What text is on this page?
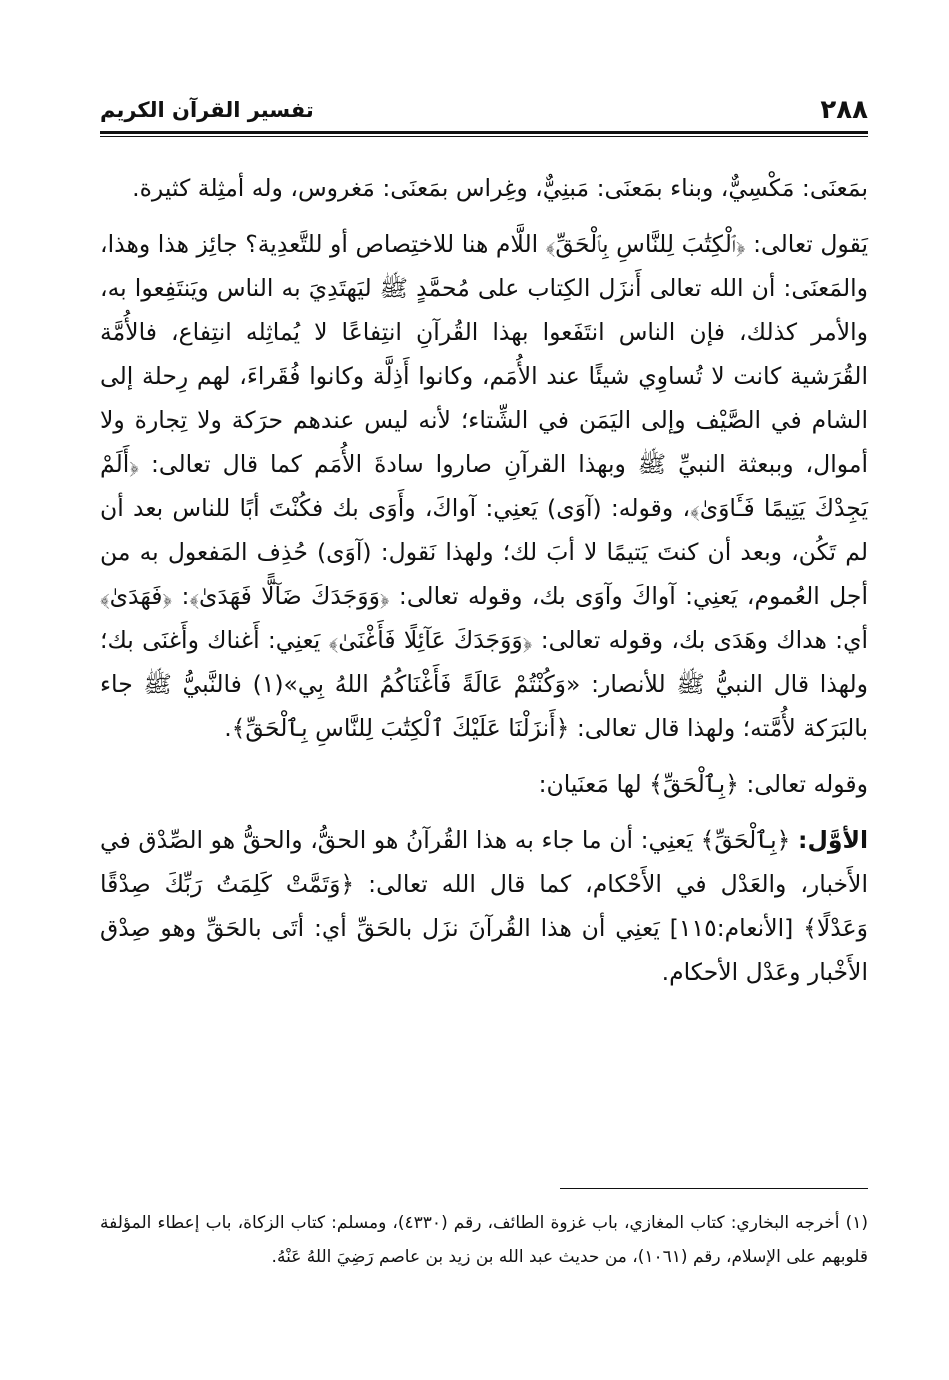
٢٨٨
تفسير القرآن الكريم

بمَعنَى: مَكْسِيٌّ، وبناء بمَعنَى: مَبنِيٌّ، وغِراس بمَعنَى: مَغروس، وله أمثِلة كثيرة.

يَقول تعالى: ﴿ٱلْكِتَٰبَ لِلنَّاسِ بِٱلْحَقِّ﴾ اللَّام هنا للاختِصاص أو للتَّعدِية؟ جائِز هذا وهذا، والمَعنَى: أن الله تعالى أَنزَل الكِتاب على مُحمَّدٍ ﷺ ليَهتَدِيَ به الناس ويَنتَفِعوا به، والأمر كذلك، فإن الناس انتَفَعوا بهذا القُرآنِ انتِفاعًا لا يُماثِله انتِفاع، فالأُمَّة القُرَشية كانت لا تُساوِي شيئًا عند الأُمَم، وكانوا أَذِلَّة وكانوا فُقَراءَ، لهم رِحلة إلى الشام في الصَّيْف وإلى اليَمَن في الشِّتاء؛ لأنه ليس عندهم حرَكة ولا تِجارة ولا أموال، وببعثة النبيِّ ﷺ وبهذا القرآنِ صاروا سادةَ الأُمَم كما قال تعالى: ﴿أَلَمْ يَجِدْكَ يَتِيمًا فَـَٔاوَىٰ﴾، وقوله: (آوَى) يَعنِي: آواكَ، وأَوَى بك فكُنْتَ أبًا للناس بعد أن لم تَكُن، وبعد أن كنتَ يَتيمًا لا أبَ لك؛ ولهذا نَقول: (آوَى) حُذِف المَفعول به من أجل العُموم، يَعنِي: آواكَ وآوَى بك، وقوله تعالى: ﴿وَوَجَدَكَ ضَآلًّا فَهَدَىٰ﴾: ﴿فَهَدَىٰ﴾ أي: هداك وهَدَى بك، وقوله تعالى: ﴿وَوَجَدَكَ عَآئِلًا فَأَغْنَىٰ﴾ يَعنِي: أَغناك وأَغنَى بك؛ ولهذا قال النبيُّ ﷺ للأنصار: «وَكُنْتُمْ عَالَةً فَأَغْنَاكُمُ اللهُ بِي»(١) فالنَّبيُّ ﷺ جاء بالبَرَكة لأُمَّته؛ ولهذا قال تعالى: ﴿أَنزَلْنَا عَلَيْكَ ٱلْكِتَٰبَ لِلنَّاسِ بِٱلْحَقِّ﴾.

وقوله تعالى: ﴿بِٱلْحَقِّ﴾ لها مَعنَيان:

الأوَّل: ﴿بِٱلْحَقِّ﴾ يَعنِي: أن ما جاء به هذا القُرآنُ هو الحقُّ، والحقُّ هو الصِّدْق في الأَخبار، والعَدْل في الأَحْكام، كما قال الله تعالى: ﴿وَتَمَّتْ كَلِمَتُ رَبِّكَ صِدْقًا وَعَدْلًا﴾ [الأنعام:١١٥] يَعنِي أن هذا القُرآنَ نزَل بالحَقِّ أي: أتَى بالحَقِّ وهو صِدْق الأَخْبار وعَدْل الأحكام.

(١) أخرجه البخاري: كتاب المغازي، باب غزوة الطائف، رقم (٤٣٣٠)، ومسلم: كتاب الزكاة، باب إعطاء المؤلفة قلوبهم على الإسلام، رقم (١٠٦١)، من حديث عبد الله بن زيد بن عاصم رَضِيَ اللهُ عَنْهُ.
